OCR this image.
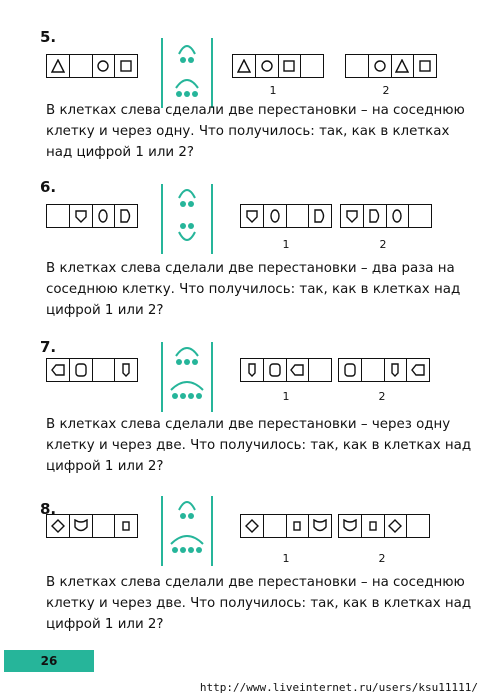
5.
1	2
В клетках слева сделали две перестановки – на соседнюю
клетку и через одну. Что получилось: так, как в клетках
над цифрой 1 или 2?
6.
1	2
В клетках слева сделали две перестановки – два раза на
соседнюю клетку. Что получилось: так, как в клетках над
цифрой 1 или 2?
7.
1	2
В клетках слева сделали две перестановки – через одну
клетку и через две. Что получилось: так, как в клетках над
цифрой 1 или 2?
8.
1	2
В клетках слева сделали две перестановки – на соседнюю
клетку и через две. Что получилось: так, как в клетках над
цифрой 1 или 2?
26
http://www.liveinternet.ru/users/ksu11111/
